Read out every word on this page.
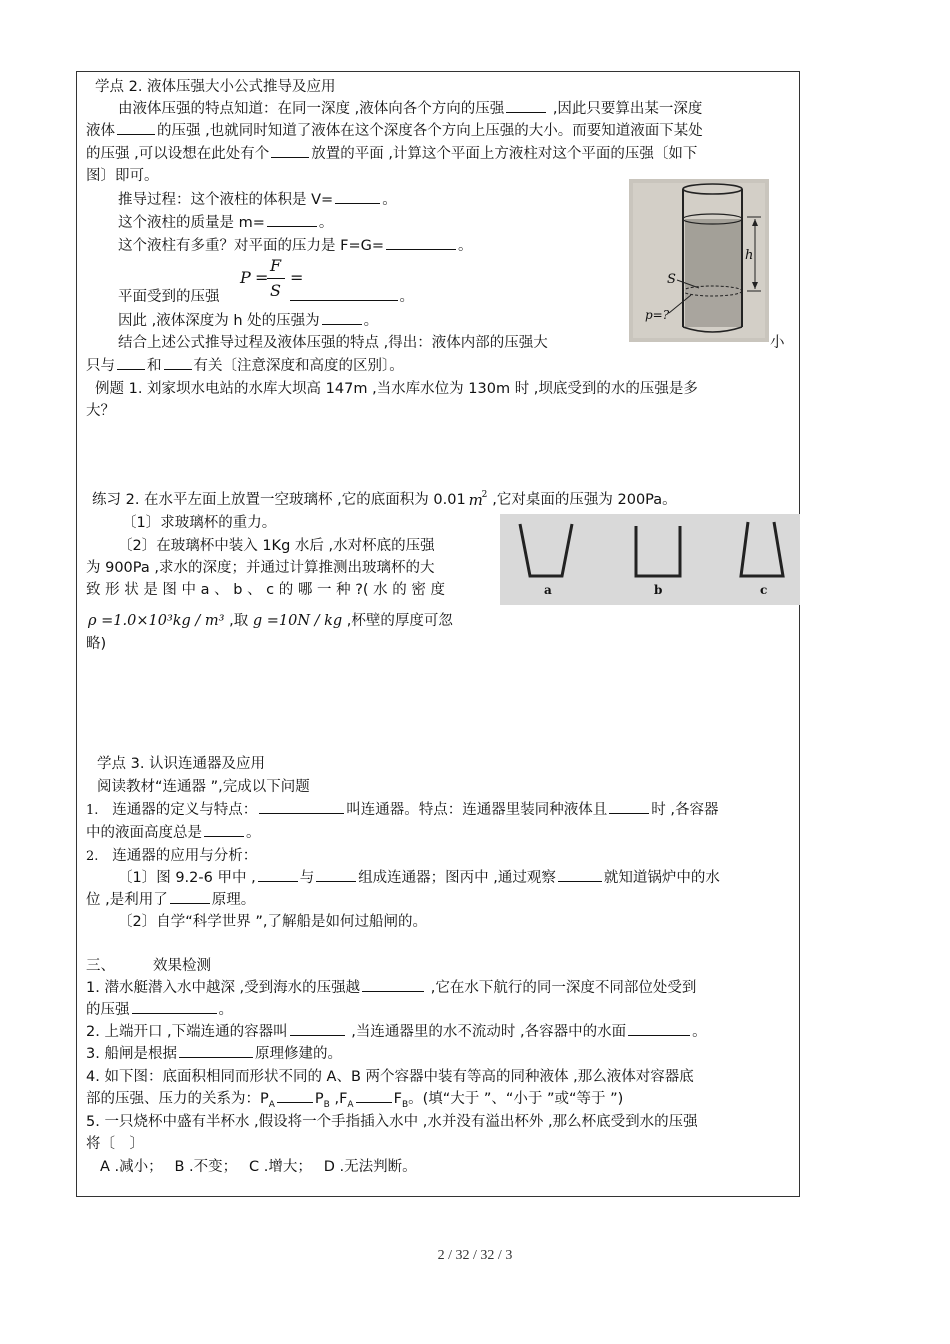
学点 2. 液体压强大小公式推导及应用
由液体压强的特点知道：在同一深度 ,液体向各个方向的压强	,因此只要算出某一深度
液体	的压强 ,也就同时知道了液体在这个深度各个方向上压强的大小。而要知道液面下某处
的压强 ,可以设想在此处有个	放置的平面 ,计算这个平面上方液柱对这个平面的压强〔如下
图〕即可。
推导过程：这个液柱的体积是 V=	。
这个液柱的质量是 m=	。
这个液柱有多重？对平面的压力是 F=G=	。
P =
F
S
=
平面受到的压强	。
因此 ,液体深度为 h 处的压强为	。
结合上述公式推导过程及液体压强的特点 ,得出：液体内部的压强大	小
只与 和 有关〔注意深度和高度的区别〕。
h
S
p=?
例题 1. 刘家坝水电站的水库大坝高 147m ,当水库水位为 130m 时 ,坝底受到的水的压强是多
大？
练习 2. 在水平左面上放置一空玻璃杯 ,它的底面积为 0.01 m
2 ,它对桌面的压强为 200Pa。
〔1〕求玻璃杯的重力。
〔2〕在玻璃杯中装入 1Kg 水后 ,水对杯底的压强
为 900Pa ,求水的深度；并通过计算推测出玻璃杯的大
致 形 状 是 图 中 a 、 b 、 c 的 哪 一 种 ?( 水 的 密 度
ρ =1.0×10³kg / m³ ,取 g =10N / kg ,杯壁的厚度可忽
略)
a	b	c
学点 3. 认识连通器及应用
阅读教材“连通器 ”,完成以下问题
1. 连通器的定义与特点：	叫连通器。特点：连通器里装同种液体且	时 ,各容器
中的液面高度总是	。
2. 连通器的应用与分析：
〔1〕图 9.2-6 甲中 ,	与	组成连通器；图丙中 ,通过观察	就知道锅炉中的水
位 ,是利用了	原理。
〔2〕自学“科学世界 ”,了解船是如何过船闸的。
三、	效果检测
1. 潜水艇潜入水中越深 ,受到海水的压强越	,它在水下航行的同一深度不同部位处受到
的压强	。
2. 上端开口 ,下端连通的容器叫	,当连通器里的水不流动时 ,各容器中的水面	。
3. 船闸是根据	原理修建的。
4. 如下图：底面积相同而形状不同的 A、B 两个容器中装有等高的同种液体 ,那么液体对容器底
部的压强、压力的关系为：$P_A$	$P_B$ $,F_A$	$F_B$。(填“大于 ”、“小于 ”或“等于 ”)
5. 一只烧杯中盛有半杯水 ,假设将一个手指插入水中 ,水并没有溢出杯外 ,那么杯底受到水的压强
将〔　〕
A .减小；　 B .不变；　 C .增大；　 D .无法判断。
2 / 32 / 32 / 3
